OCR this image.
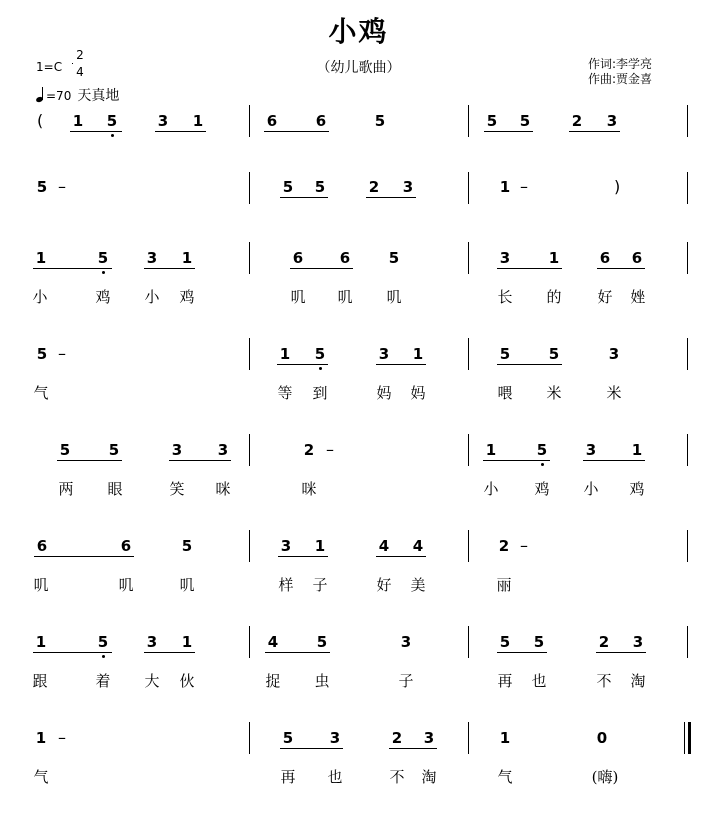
小鸡
（幼儿歌曲）	作词:李学亮
作曲:贾金喜
1=C
2
4
=70 天真地
( 1 5	3 1	6	6	5	5 5	2 3
5 –	5 5	2 3	1 –	)
1	5	3 1	6 6	5	3	1	6 6
小	鸡 小 鸡	叽 叽 叽	长 的 好 㛗
5 –	1 5	3 1	5	5	3
气	等 到	妈 妈	喂 米	米
5	5	3 3	2 –	1	5	3 1
两 眼	笑 咪	咪	小 鸡 小 鸡
6	6	5	3 1	4 4	2 –
叽	叽	叽	样 子	好 美	丽
1	5	3 1	4	5	3	5 5	2 3
跟	着 大 伙	捉 虫	子	再 也	不 淘
1 –	5 3	2 3	1	0
气	再 也	不 淘	气	(嗨)
